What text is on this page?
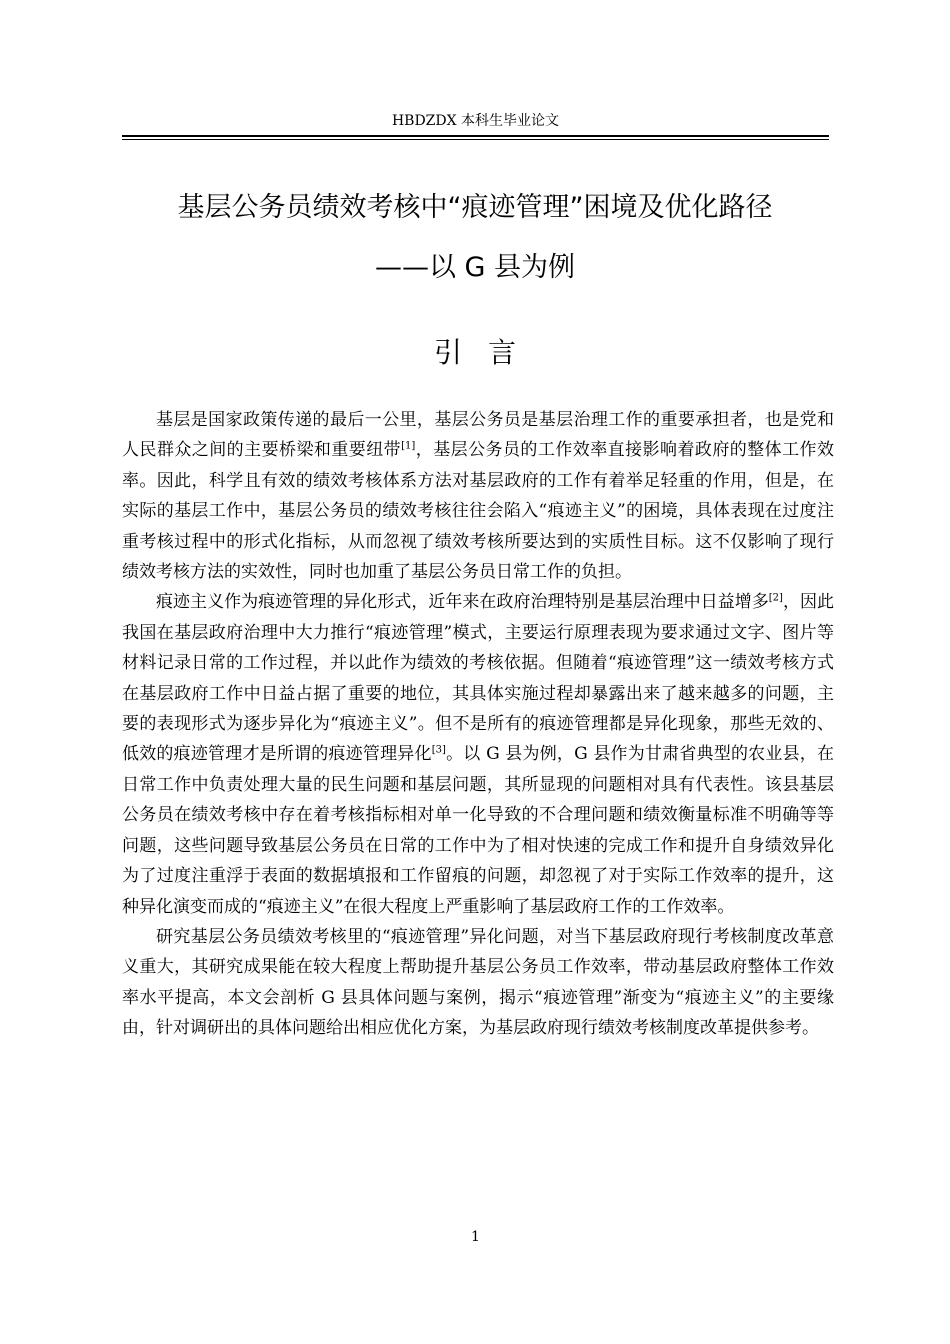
HBDZDX 本科生毕业论文
基层公务员绩效考核中“痕迹管理”困境及优化路径
——以 G 县为例
引言

基层是国家政策传递的最后一公里，基层公务员是基层治理工作的重要承担者，也是党和人民群众之间的主要桥梁和重要纽带[1]，基层公务员的工作效率直接影响着政府的整体工作效率。因此，科学且有效的绩效考核体系方法对基层政府的工作有着举足轻重的作用，但是，在实际的基层工作中，基层公务员的绩效考核往往会陷入“痕迹主义”的困境，具体表现在过度注重考核过程中的形式化指标，从而忽视了绩效考核所要达到的实质性目标。这不仅影响了现行绩效考核方法的实效性，同时也加重了基层公务员日常工作的负担。

痕迹主义作为痕迹管理的异化形式，近年来在政府治理特别是基层治理中日益增多[2]，因此我国在基层政府治理中大力推行“痕迹管理”模式，主要运行原理表现为要求通过文字、图片等材料记录日常的工作过程，并以此作为绩效的考核依据。但随着“痕迹管理”这一绩效考核方式在基层政府工作中日益占据了重要的地位，其具体实施过程却暴露出来了越来越多的问题，主要的表现形式为逐步异化为“痕迹主义”。但不是所有的痕迹管理都是异化现象，那些无效的、低效的痕迹管理才是所谓的痕迹管理异化[3]。以 G 县为例，G 县作为甘肃省典型的农业县，在日常工作中负责处理大量的民生问题和基层问题，其所显现的问题相对具有代表性。该县基层公务员在绩效考核中存在着考核指标相对单一化导致的不合理问题和绩效衡量标准不明确等等问题，这些问题导致基层公务员在日常的工作中为了相对快速的完成工作和提升自身绩效异化为了过度注重浮于表面的数据填报和工作留痕的问题，却忽视了对于实际工作效率的提升，这种异化演变而成的“痕迹主义”在很大程度上严重影响了基层政府工作的工作效率。

研究基层公务员绩效考核里的“痕迹管理”异化问题，对当下基层政府现行考核制度改革意义重大，其研究成果能在较大程度上帮助提升基层公务员工作效率，带动基层政府整体工作效率水平提高，本文会剖析 G 县具体问题与案例，揭示“痕迹管理”渐变为“痕迹主义”的主要缘由，针对调研出的具体问题给出相应优化方案，为基层政府现行绩效考核制度改革提供参考。

1
